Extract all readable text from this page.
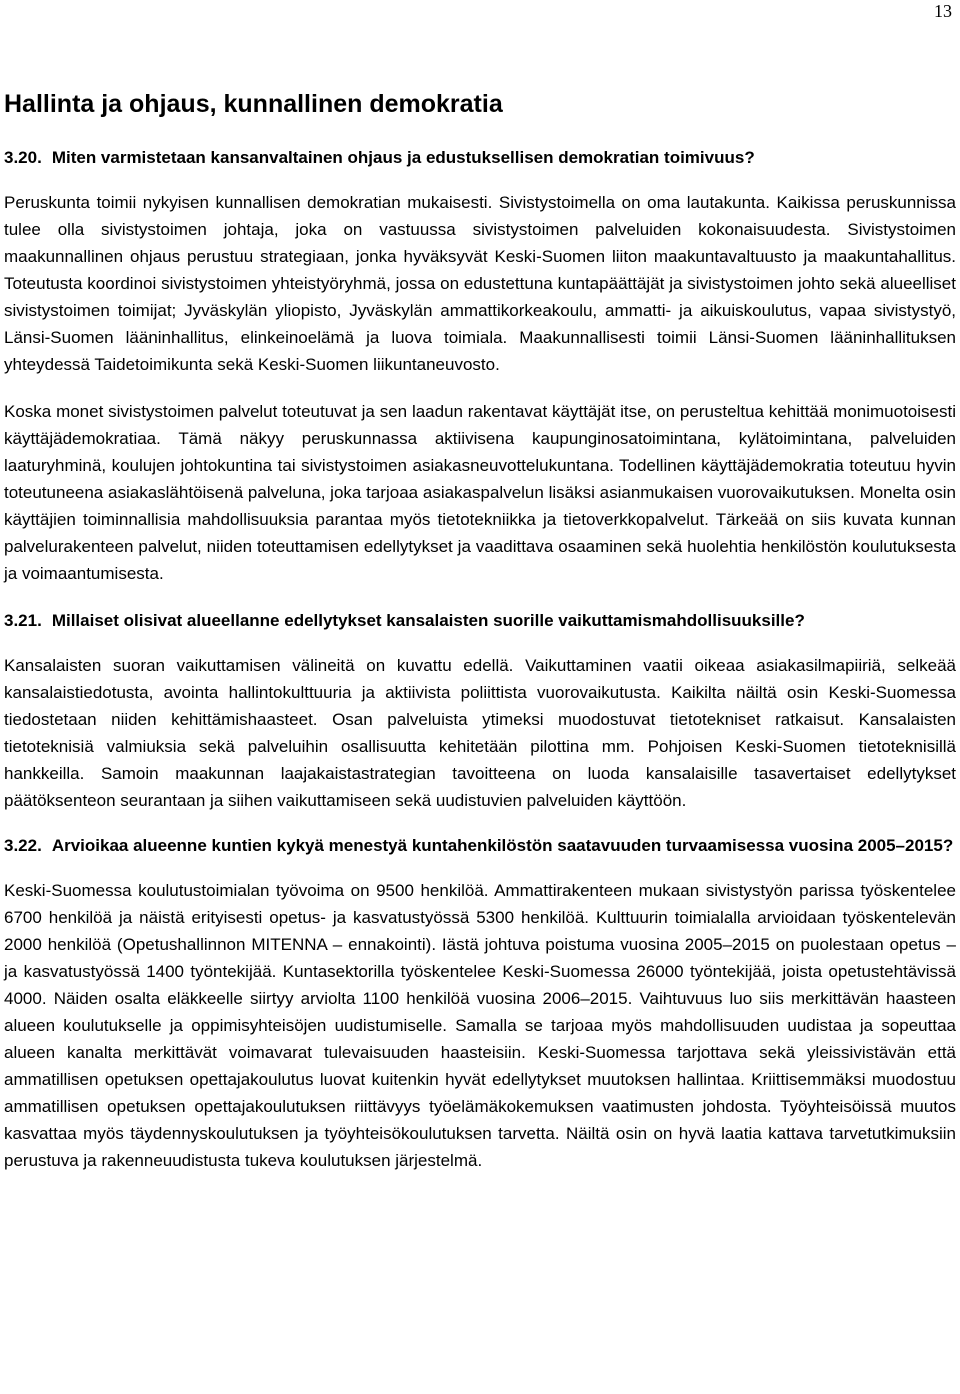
13
Hallinta ja ohjaus, kunnallinen demokratia
3.20. Miten varmistetaan kansanvaltainen ohjaus ja edustuksellisen demokratian toimivuus?

Peruskunta toimii nykyisen kunnallisen demokratian mukaisesti. Sivistystoimella on oma lautakunta. Kaikissa peruskunnissa tulee olla sivistystoimen johtaja, joka on vastuussa sivistystoimen palveluiden kokonaisuudesta. Sivistystoimen maakunnallinen ohjaus perustuu strategiaan, jonka hyväksyvät Keski-Suomen liiton maakuntavaltuusto ja maakuntahallitus. Toteutusta koordinoi sivistystoimen yhteistyöryhmä, jossa on edustettuna kuntapäättäjät ja sivistystoimen johto sekä alueelliset sivistystoimen toimijat; Jyväskylän yliopisto, Jyväskylän ammattikorkeakoulu, ammatti- ja aikuiskoulutus, vapaa sivistystyö, Länsi-Suomen lääninhallitus, elinkeinoelämä ja luova toimiala. Maakunnallisesti toimii Länsi-Suomen lääninhallituksen yhteydessä Taidetoimikunta sekä Keski-Suomen liikuntaneuvosto.

Koska monet sivistystoimen palvelut toteutuvat ja sen laadun rakentavat käyttäjät itse, on perusteltua kehittää monimuotoisesti käyttäjädemokratiaa. Tämä näkyy peruskunnassa aktiivisena kaupunginosatoimintana, kylätoimintana, palveluiden laaturyhminä, koulujen johtokuntina tai sivistystoimen asiakasneuvottelukuntana. Todellinen käyttäjädemokratia toteutuu hyvin toteutuneena asiakaslähtöisenä palveluna, joka tarjoaa asiakaspalvelun lisäksi asianmukaisen vuorovaikutuksen. Monelta osin käyttäjien toiminnallisia mahdollisuuksia parantaa myös tietotekniikka ja tietoverkkopalvelut. Tärkeää on siis kuvata kunnan palvelurakenteen palvelut, niiden toteuttamisen edellytykset ja vaadittava osaaminen sekä huolehtia henkilöstön koulutuksesta ja voimaantumisesta.

3.21. Millaiset olisivat alueellanne edellytykset kansalaisten suorille vaikuttamismahdollisuuksille?

Kansalaisten suoran vaikuttamisen välineitä on kuvattu edellä. Vaikuttaminen vaatii oikeaa asiakasilmapiiriä, selkeää kansalaistiedotusta, avointa hallintokulttuuria ja aktiivista poliittista vuorovaikutusta. Kaikilta näiltä osin Keski-Suomessa tiedostetaan niiden kehittämishaasteet. Osan palveluista ytimeksi muodostuvat tietotekniset ratkaisut. Kansalaisten tietoteknisiä valmiuksia sekä palveluihin osallisuutta kehitetään pilottina mm. Pohjoisen Keski-Suomen tietoteknisillä hankkeilla. Samoin maakunnan laajakaistastrategian tavoitteena on luoda kansalaisille tasavertaiset edellytykset päätöksenteon seurantaan ja siihen vaikuttamiseen sekä uudistuvien palveluiden käyttöön.

3.22. Arvioikaa alueenne kuntien kykyä menestyä kuntahenkilöstön saatavuuden turvaamisessa vuosina 2005–2015?

Keski-Suomessa koulutustoimialan työvoima on 9500 henkilöä. Ammattirakenteen mukaan sivistystyön parissa työskentelee 6700 henkilöä ja näistä erityisesti opetus- ja kasvatustyössä 5300 henkilöä. Kulttuurin toimialalla arvioidaan työskentelevän 2000 henkilöä (Opetushallinnon MITENNA – ennakointi). Iästä johtuva poistuma vuosina 2005–2015 on puolestaan opetus – ja kasvatustyössä 1400 työntekijää. Kuntasektorilla työskentelee Keski-Suomessa 26000 työntekijää, joista opetustehtävissä 4000. Näiden osalta eläkkeelle siirtyy arviolta 1100 henkilöä vuosina 2006–2015. Vaihtuvuus luo siis merkittävän haasteen alueen koulutukselle ja oppimisyhteisöjen uudistumiselle. Samalla se tarjoaa myös mahdollisuuden uudistaa ja sopeuttaa alueen kanalta merkittävät voimavarat tulevaisuuden haasteisiin. Keski-Suomessa tarjottava sekä yleissivistävän että ammatillisen opetuksen opettajakoulutus luovat kuitenkin hyvät edellytykset muutoksen hallintaa. Kriittisemmäksi muodostuu ammatillisen opetuksen opettajakoulutuksen riittävyys työelämäkokemuksen vaatimusten johdosta. Työyhteisöissä muutos kasvattaa myös täydennyskoulutuksen ja työyhteisökoulutuksen tarvetta. Näiltä osin on hyvä laatia kattava tarvetutkimuksiin perustuva ja rakenneuudistusta tukeva koulutuksen järjestelmä.
